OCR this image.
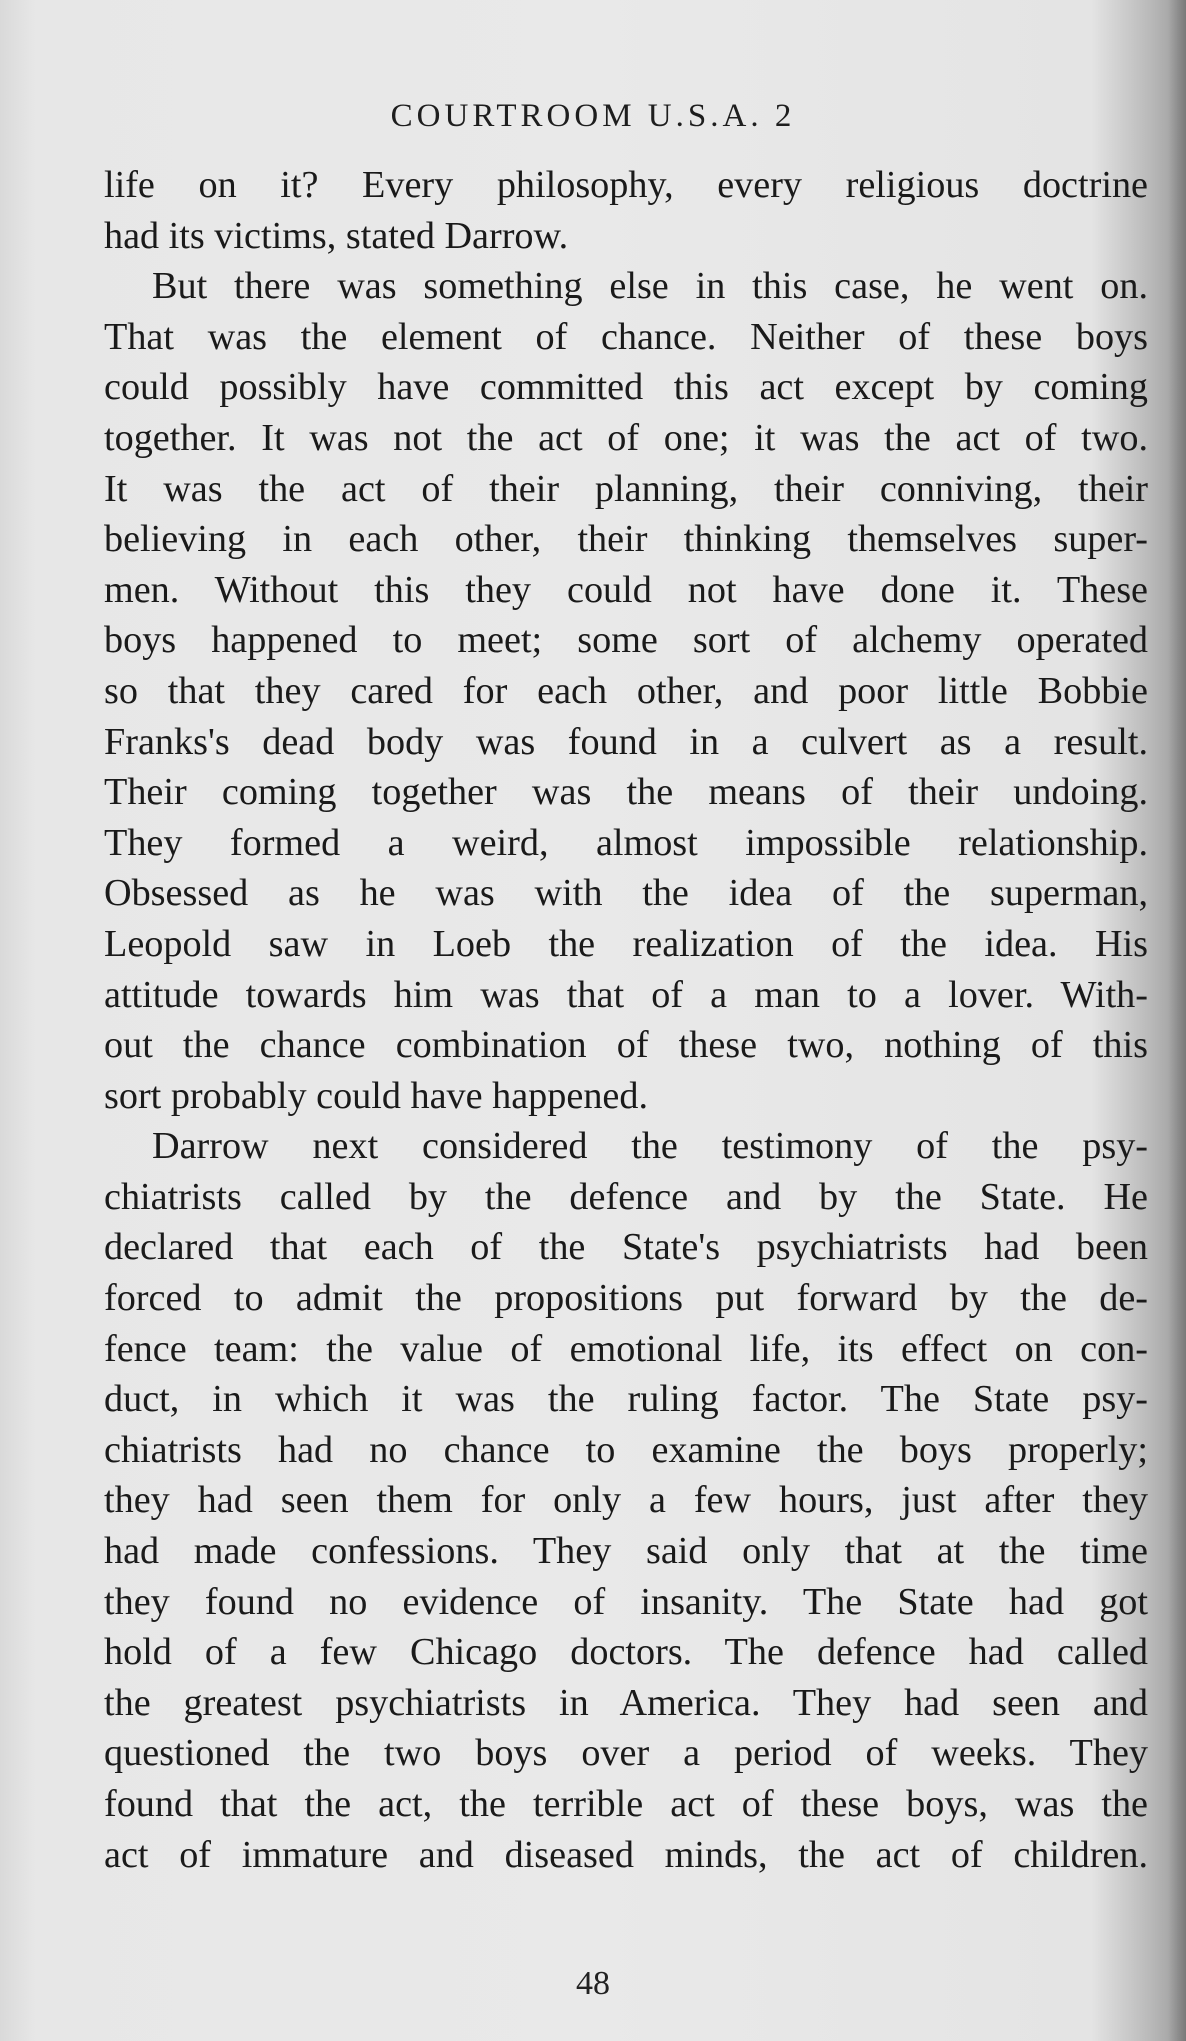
COURTROOM U.S.A. 2
life on it? Every philosophy, every religious doctrine
had its victims, stated Darrow.
But there was something else in this case, he went on.
That was the element of chance. Neither of these boys
could possibly have committed this act except by coming
together. It was not the act of one; it was the act of two.
It was the act of their planning, their conniving, their
believing in each other, their thinking themselves super-
men. Without this they could not have done it. These
boys happened to meet; some sort of alchemy operated
so that they cared for each other, and poor little Bobbie
Franks's dead body was found in a culvert as a result.
Their coming together was the means of their undoing.
They formed a weird, almost impossible relationship.
Obsessed as he was with the idea of the superman,
Leopold saw in Loeb the realization of the idea. His
attitude towards him was that of a man to a lover. With-
out the chance combination of these two, nothing of this
sort probably could have happened.
Darrow next considered the testimony of the psy-
chiatrists called by the defence and by the State. He
declared that each of the State's psychiatrists had been
forced to admit the propositions put forward by the de-
fence team: the value of emotional life, its effect on con-
duct, in which it was the ruling factor. The State psy-
chiatrists had no chance to examine the boys properly;
they had seen them for only a few hours, just after they
had made confessions. They said only that at the time
they found no evidence of insanity. The State had got
hold of a few Chicago doctors. The defence had called
the greatest psychiatrists in America. They had seen and
questioned the two boys over a period of weeks. They
found that the act, the terrible act of these boys, was the
act of immature and diseased minds, the act of children.
48
